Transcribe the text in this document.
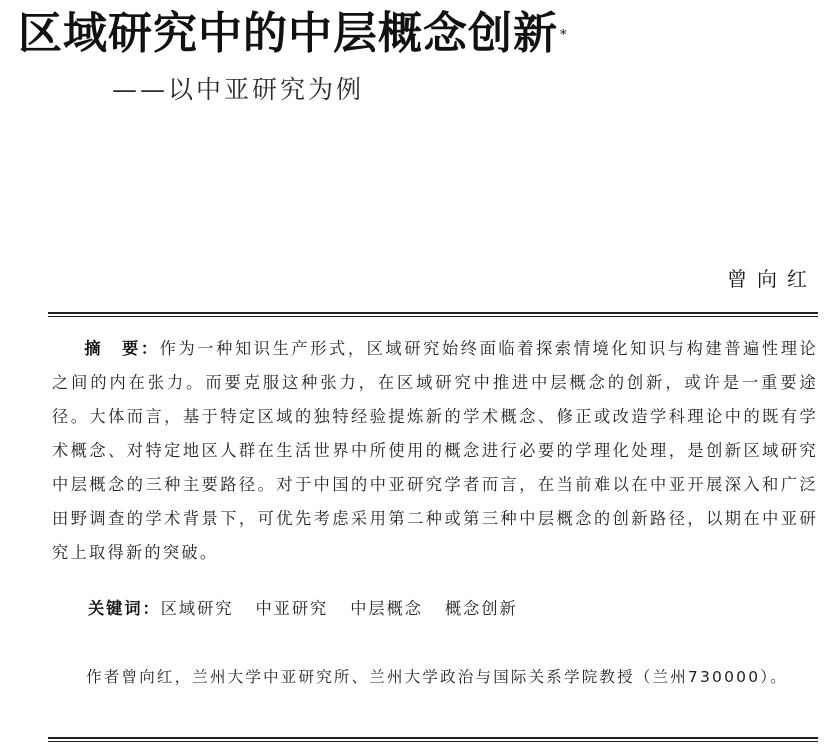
区域研究中的中层概念创新 *
——以中亚研究为例
曾向红
摘　要：作为一种知识生产形式，区域研究始终面临着探索情境化知识与构建普遍性理论之间的内在张力。而要克服这种张力，在区域研究中推进中层概念的创新，或许是一重要途径。大体而言，基于特定区域的独特经验提炼新的学术概念、修正或改造学科理论中的既有学术概念、对特定地区人群在生活世界中所使用的概念进行必要的学理化处理，是创新区域研究中层概念的三种主要路径。对于中国的中亚研究学者而言，在当前难以在中亚开展深入和广泛田野调查的学术背景下，可优先考虑采用第二种或第三种中层概念的创新路径，以期在中亚研究上取得新的突破。
关键词：区域研究 中亚研究 中层概念 概念创新
作者曾向红，兰州大学中亚研究所、兰州大学政治与国际关系学院教授（兰州730000）。
